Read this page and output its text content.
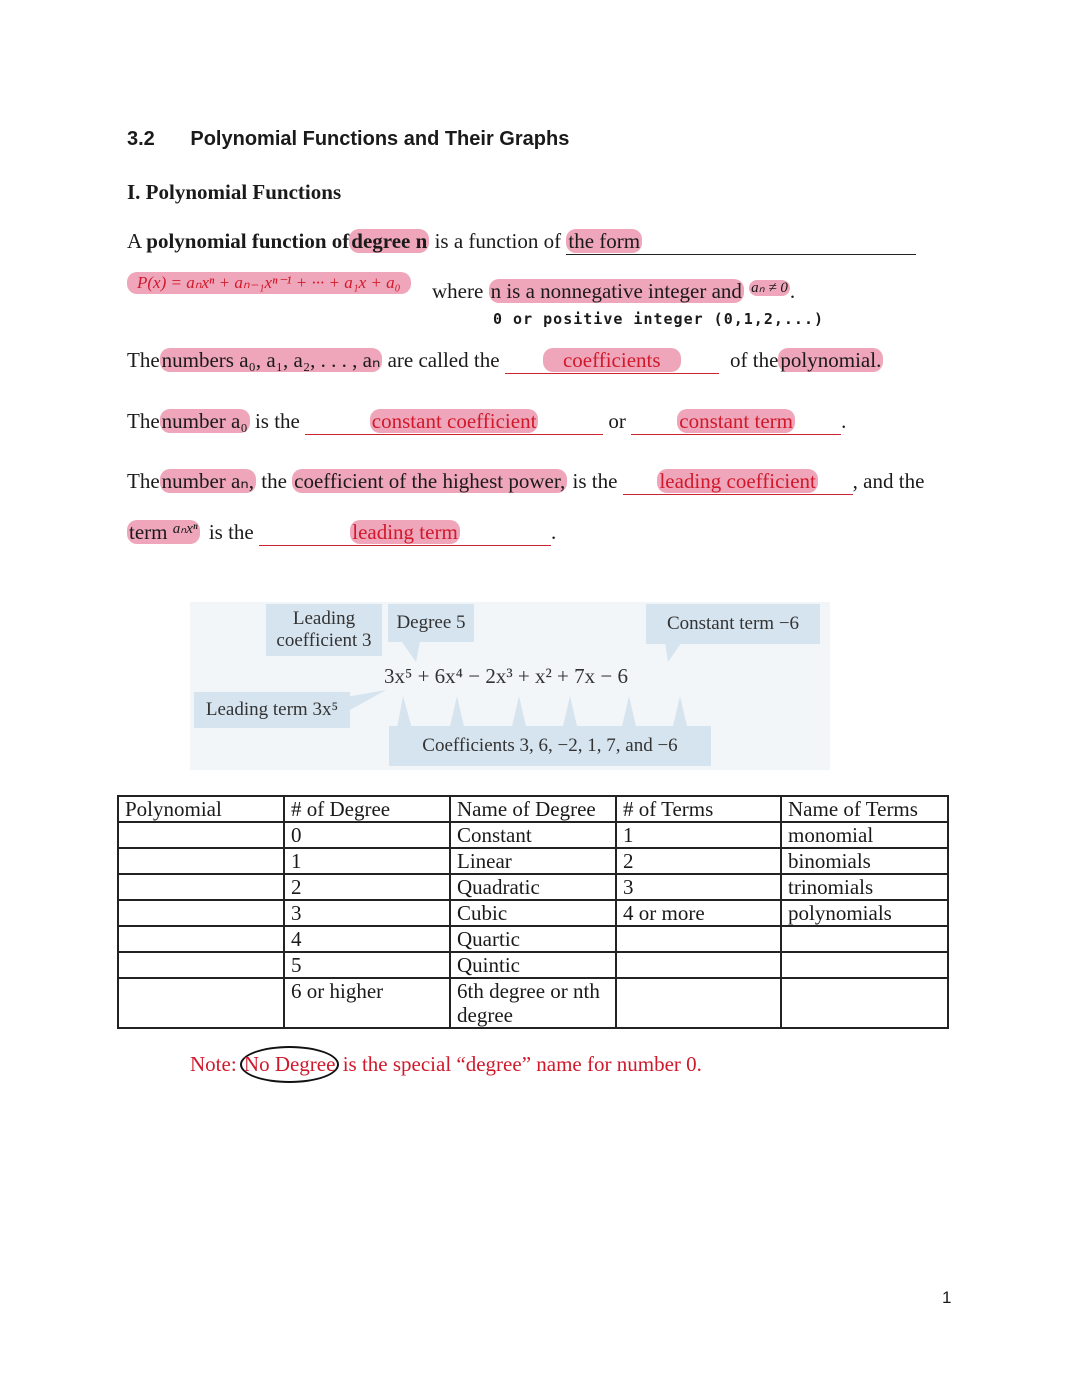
3.2 Polynomial Functions and Their Graphs
I. Polynomial Functions
A polynomial function ofdegree n is a function of the form
P(x) = aₙxⁿ + aₙ₋₁xⁿ⁻¹ + ··· + a₁x + a₀	where n is a nonnegative integer and $^{a_n \ne 0}$.
0 or positive integer (0,1,2,...)
Thenumbers a₀, a₁, a₂, . . . , aₙ are called the	coefficients	of thepolynomial.
Thenumber a₀ is the	constant coefficient	or constant term .
Thenumber aₙ, the coefficient of the highest power, is the leading coefficient , and the
term $^{a_nx^n}$ is the	leading term	.
Leading
coefficient 3
Degree 5	Constant term −6
3x⁵ + 6x⁴ − 2x³ + x² + 7x − 6
Leading term 3x⁵
Coefficients 3, 6, −2, 1, 7, and −6
Polynomial	# of Degree	Name of Degree	# of Terms	Name of Terms
	0	Constant	1	monomial
	1	Linear	2	binomials
	2	Quadratic	3	trinomials
	3	Cubic	4 or more	polynomials
	4	Quartic		
	5	Quintic		
	6 or higher	6th degree or nth degree		
Note: No Degree is the special “degree” name for number 0.
1
